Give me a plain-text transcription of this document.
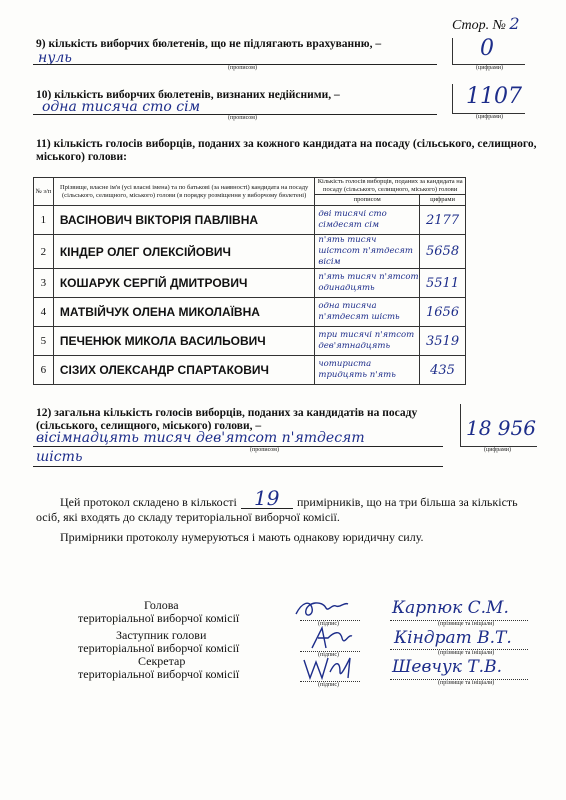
Стор. № 2
9) кількість виборчих бюлетенів, що не підлягають врахуванню, –
нуль
(прописом)
0
(цифрами)
10) кількість виборчих бюлетенів, визнаних недійсними, –
одна тисяча сто сім
(прописом)
1107
(цифрами)
11) кількість голосів виборців, поданих за кожного кандидата на посаду (сільського, селищного,
міського) голови:
№ з/п	Прізвище, власне ім'я (усі власні імена) та по батькові (за наявності) кандидата на посаду (сільського, селищного, міського) голови (в порядку розміщення у виборчому бюлетені)	Кількість голосів виборців, поданих за кандидата на посаду (сільського, селищного, міського) голови	
		прописом	цифрами
1	ВАСІНОВИЧ ВІКТОРІЯ ПАВЛІВНА	дві тисячі сто сімдесят сім	2177
2	КІНДЕР ОЛЕГ ОЛЕКСІЙОВИЧ	п'ять тисяч шістсот п'ятдесят вісім	5658
3	КОШАРУК СЕРГІЙ ДМИТРОВИЧ	п'ять тисяч п'ятсот одинадцять	5511
4	МАТВІЙЧУК ОЛЕНА МИКОЛАЇВНА	одна тисяча п'ятдесят шість	1656
5	ПЕЧЕНЮК МИКОЛА ВАСИЛЬОВИЧ	три тисячі п'ятсот дев'ятнадцять	3519
6	СІЗИХ ОЛЕКСАНДР СПАРТАКОВИЧ	чотириста тридцять п'ять	435
12) загальна кількість голосів виборців, поданих за кандидатів на посаду
(сільського, селищного, міського) голови, –
вісімнадцять тисяч дев'ятсот п'ятдесят
(прописом)
шість
18 956
(цифрами)
Цей протокол складено в кількості 19 примірників, що на три більша за кількість
осіб, які входять до складу територіальної виборчої комісії.
Примірники протоколу нумеруються і мають однакову юридичну силу.
Голова
територіальної виборчої комісії
Заступник голови
територіальної виборчої комісії
Секретар
територіальної виборчої комісії
(підпис)
(підпис)
(підпис)
Карпюк С.М.
Кіндрат В.Т.
Шевчук Т.В.
(прізвище та ініціали)
(прізвище та ініціали)
(прізвище та ініціали)
